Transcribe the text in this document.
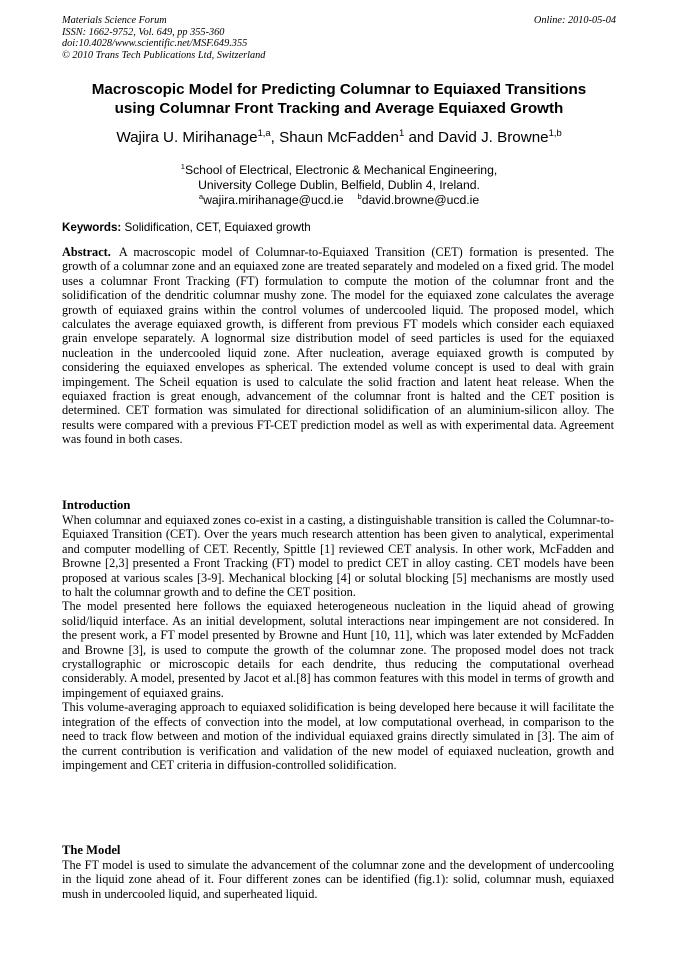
Materials Science Forum
ISSN: 1662-9752, Vol. 649, pp 355-360
doi:10.4028/www.scientific.net/MSF.649.355
© 2010 Trans Tech Publications Ltd, Switzerland
Online: 2010-05-04
Macroscopic Model for Predicting Columnar to Equiaxed Transitions
using Columnar Front Tracking and Average Equiaxed Growth
Wajira U. Mirihanage$^{1,a}$, Shaun McFadden$^1$ and David J. Browne$^{1,b}$
$^1$School of Electrical, Electronic & Mechanical Engineering,
University College Dublin, Belfield, Dublin 4, Ireland.
$^a$wajira.mirihanage@ucd.ie $^b$david.browne@ucd.ie
Keywords: Solidification, CET, Equiaxed growth
Abstract. A macroscopic model of Columnar-to-Equiaxed Transition (CET) formation is presented. The growth of a columnar zone and an equiaxed zone are treated separately and modeled on a fixed grid. The model uses a columnar Front Tracking (FT) formulation to compute the motion of the columnar front and the solidification of the dendritic columnar mushy zone. The model for the equiaxed zone calculates the average growth of equiaxed grains within the control volumes of undercooled liquid. The proposed model, which calculates the average equiaxed growth, is different from previous FT models which consider each equiaxed grain envelope separately. A lognormal size distribution model of seed particles is used for the equiaxed nucleation in the undercooled liquid zone. After nucleation, average equiaxed growth is computed by considering the equiaxed envelopes as spherical. The extended volume concept is used to deal with grain impingement. The Scheil equation is used to calculate the solid fraction and latent heat release. When the equiaxed fraction is great enough, advancement of the columnar front is halted and the CET position is determined. CET formation was simulated for directional solidification of an aluminium-silicon alloy. The results were compared with a previous FT-CET prediction model as well as with experimental data. Agreement was found in both cases.
Introduction

When columnar and equiaxed zones co-exist in a casting, a distinguishable transition is called the Columnar-to-Equiaxed Transition (CET). Over the years much research attention has been given to analytical, experimental and computer modelling of CET. Recently, Spittle [1] reviewed CET analysis. In other work, McFadden and Browne [2,3] presented a Front Tracking (FT) model to predict CET in alloy casting. CET models have been proposed at various scales [3-9]. Mechanical blocking [4] or solutal blocking [5] mechanisms are mostly used to halt the columnar growth and to define the CET position.

The model presented here follows the equiaxed heterogeneous nucleation in the liquid ahead of growing solid/liquid interface. As an initial development, solutal interactions near impingement are not considered. In the present work, a FT model presented by Browne and Hunt [10, 11], which was later extended by McFadden and Browne [3], is used to compute the growth of the columnar zone. The proposed model does not track crystallographic or microscopic details for each dendrite, thus reducing the computational overhead considerably. A model, presented by Jacot et al.[8] has common features with this model in terms of growth and impingement of equiaxed grains.

This volume-averaging approach to equiaxed solidification is being developed here because it will facilitate the integration of the effects of convection into the model, at low computational overhead, in comparison to the need to track flow between and motion of the individual equiaxed grains directly simulated in [3]. The aim of the current contribution is verification and validation of the new model of equiaxed nucleation, growth and impingement and CET criteria in diffusion-controlled solidification.

The Model
The FT model is used to simulate the advancement of the columnar zone and the development of undercooling in the liquid zone ahead of it. Four different zones can be identified (fig.1): solid, columnar mush, equiaxed mush in undercooled liquid, and superheated liquid.
